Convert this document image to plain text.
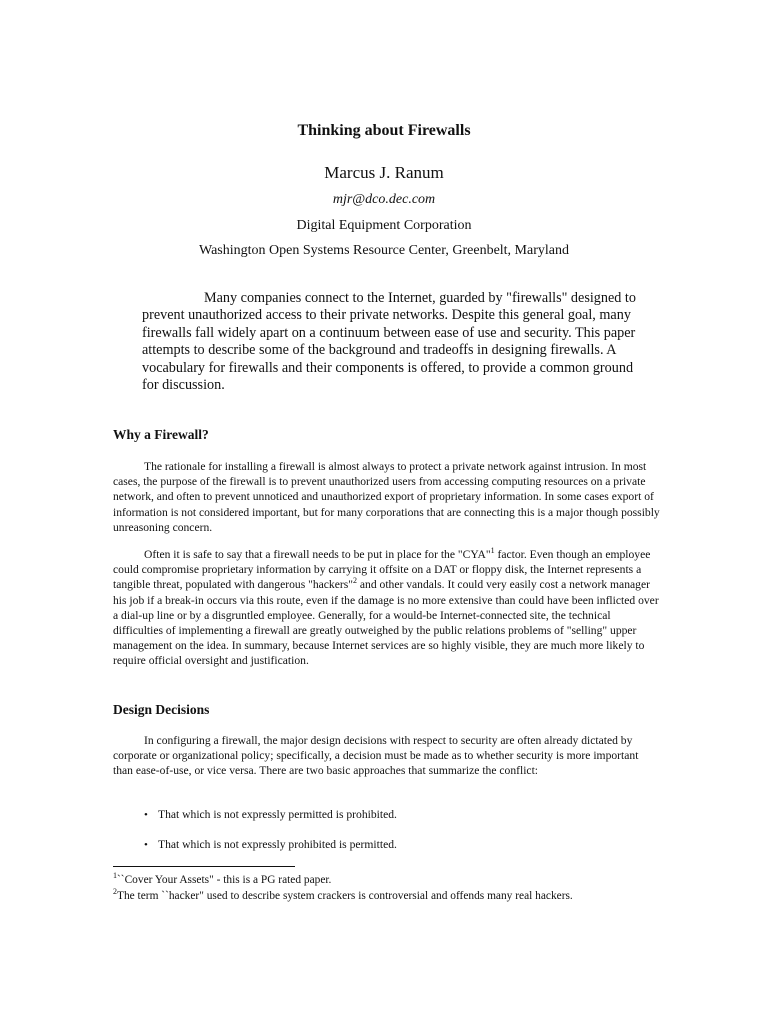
Thinking about Firewalls
Marcus J. Ranum
mjr@dco.dec.com
Digital Equipment Corporation
Washington Open Systems Resource Center, Greenbelt, Maryland

Many companies connect to the Internet, guarded by "firewalls" designed to prevent unauthorized access to their private networks. Despite this general goal, many firewalls fall widely apart on a continuum between ease of use and security. This paper attempts to describe some of the background and tradeoffs in designing firewalls. A vocabulary for firewalls and their components is offered, to provide a common ground for discussion.

Why a Firewall?

The rationale for installing a firewall is almost always to protect a private network against intrusion. In most cases, the purpose of the firewall is to prevent unauthorized users from accessing computing resources on a private network, and often to prevent unnoticed and unauthorized export of proprietary information. In some cases export of information is not considered important, but for many corporations that are connecting this is a major though possibly unreasoning concern.

Often it is safe to say that a firewall needs to be put in place for the "CYA"$^1$ factor. Even though an employee could compromise proprietary information by carrying it offsite on a DAT or floppy disk, the Internet represents a tangible threat, populated with dangerous "hackers"$^2$ and other vandals. It could very easily cost a network manager his job if a break-in occurs via this route, even if the damage is no more extensive than could have been inflicted over a dial-up line or by a disgruntled employee. Generally, for a would-be Internet-connected site, the technical difficulties of implementing a firewall are greatly outweighed by the public relations problems of "selling" upper management on the idea. In summary, because Internet services are so highly visible, they are much more likely to require official oversight and justification.

Design Decisions

In configuring a firewall, the major design decisions with respect to security are often already dictated by corporate or organizational policy; specifically, a decision must be made as to whether security is more important than ease-of-use, or vice versa. There are two basic approaches that summarize the conflict:

• That which is not expressly permitted is prohibited.
• That which is not expressly prohibited is permitted.
$^1$``Cover Your Assets" - this is a PG rated paper.
$^2$The term ``hacker" used to describe system crackers is controversial and offends many real hackers.
